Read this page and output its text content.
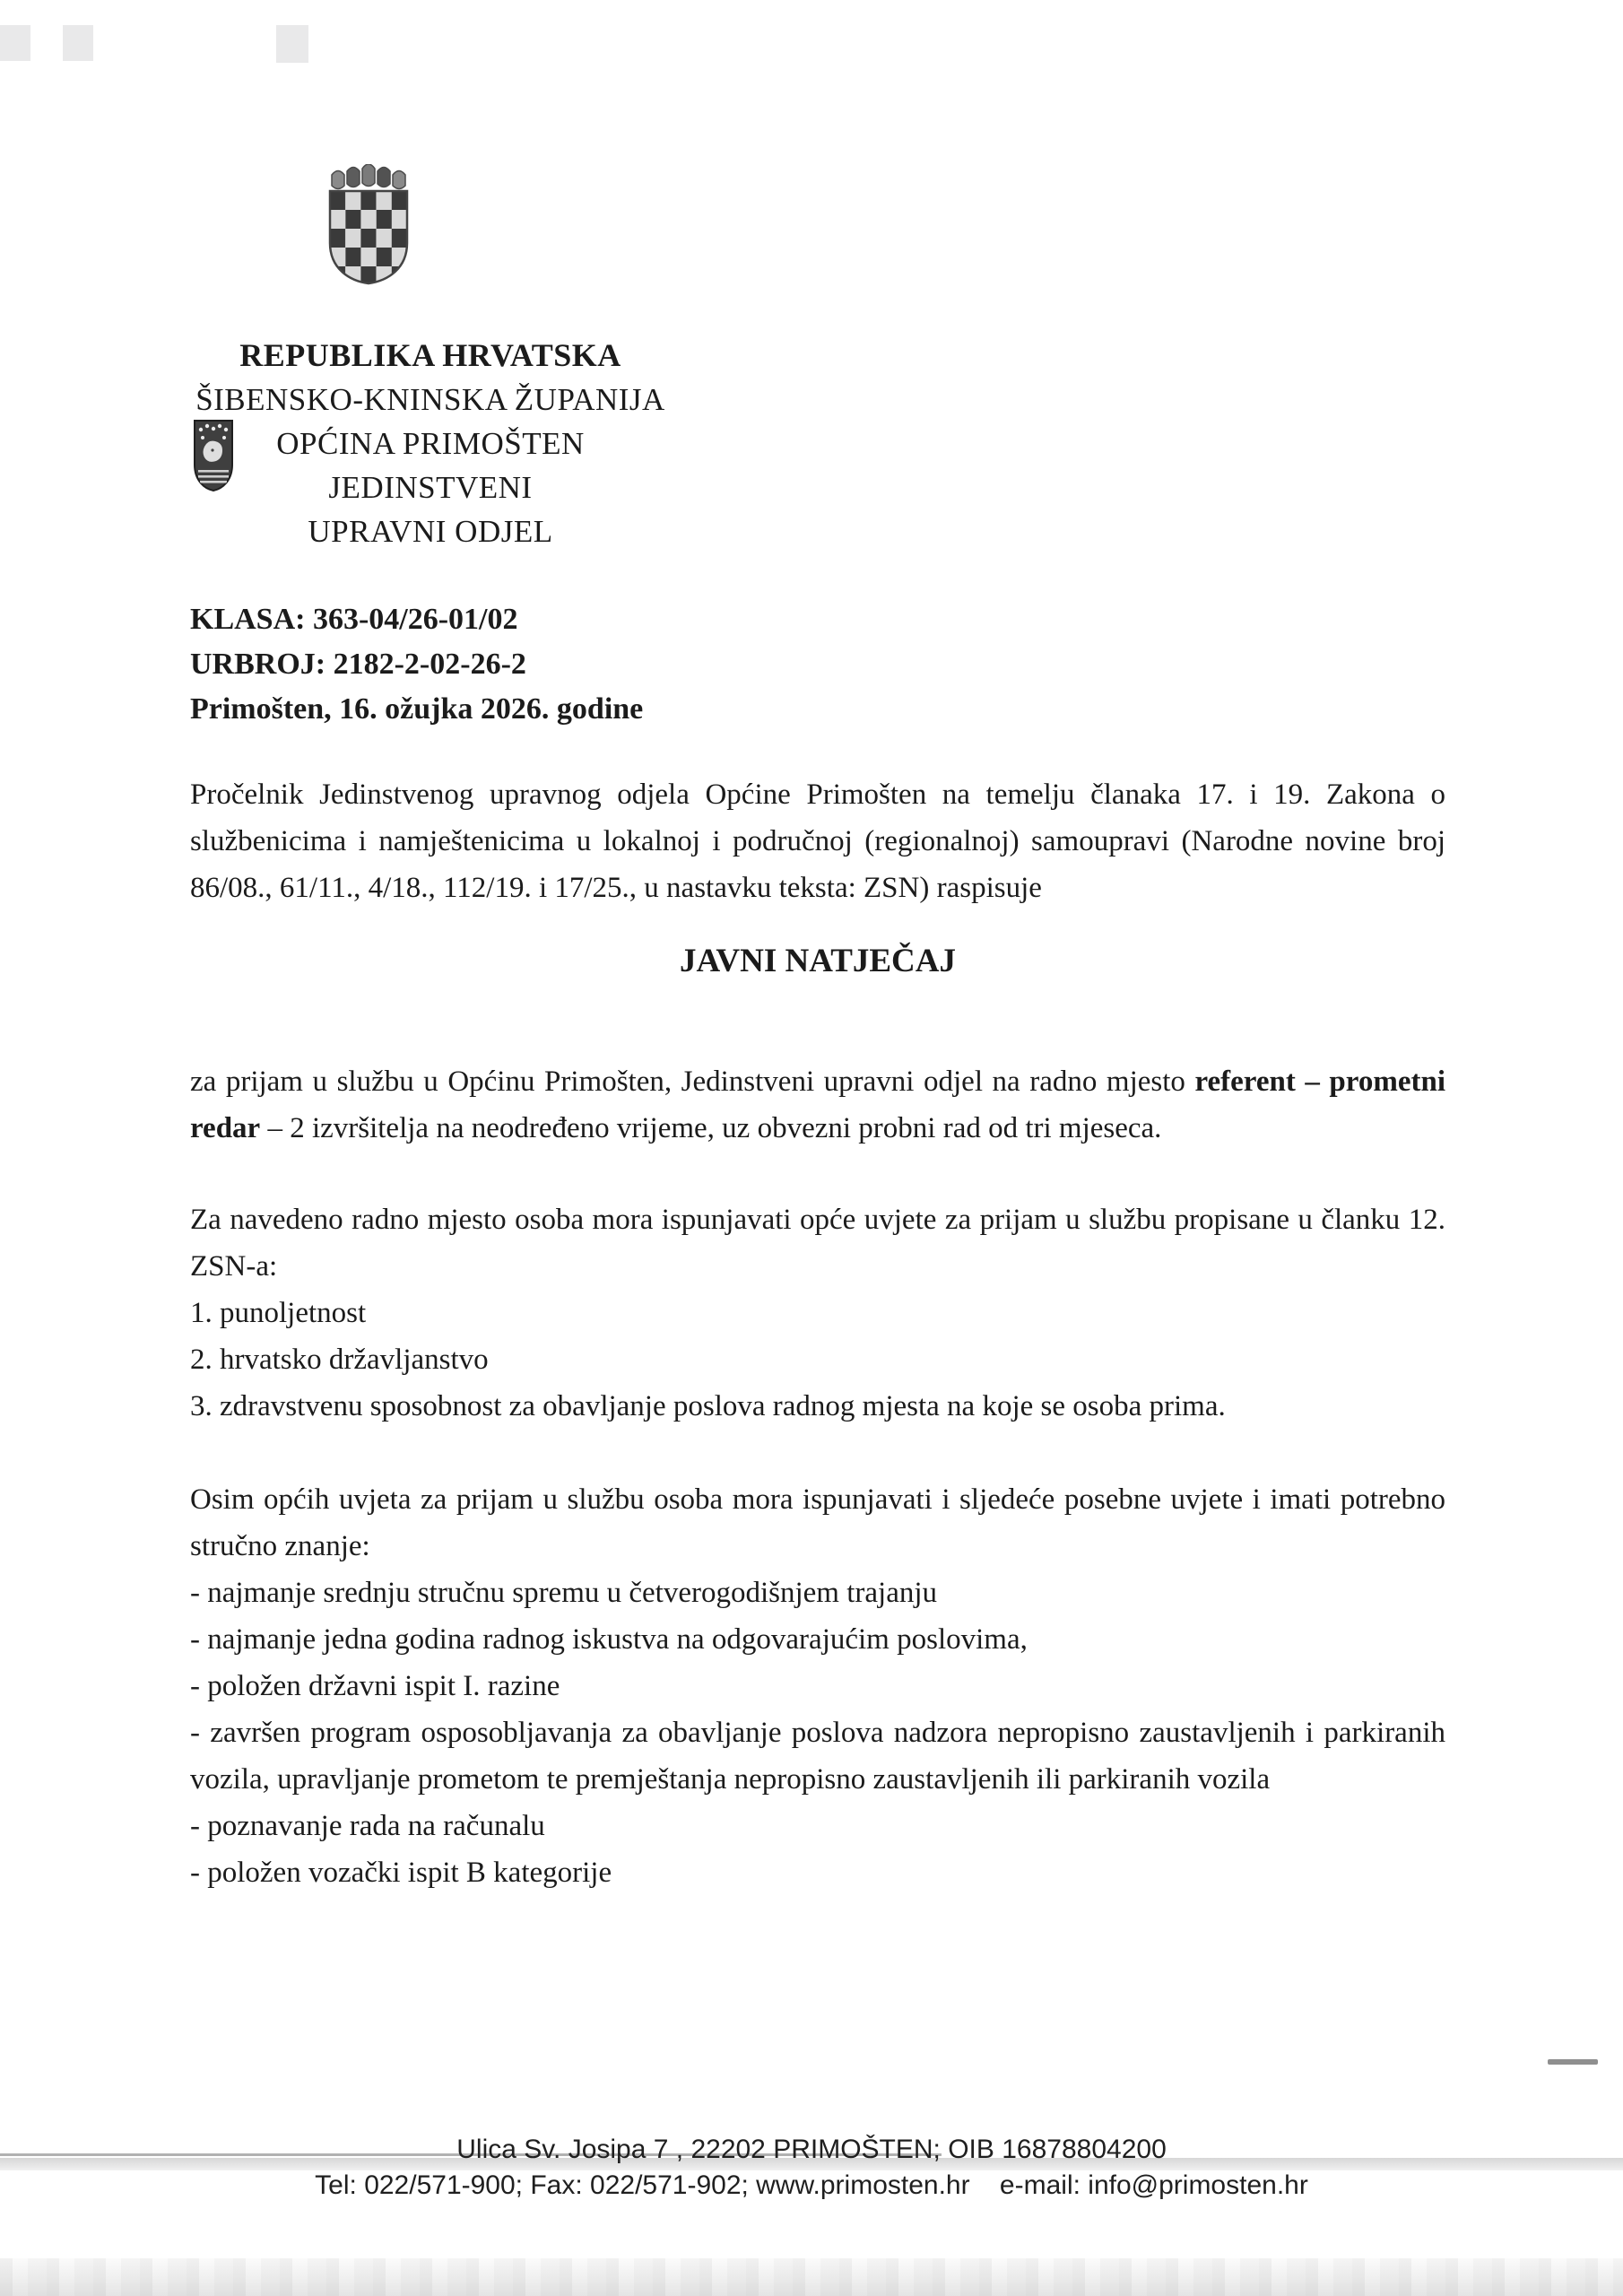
REPUBLIKA HRVATSKA
ŠIBENSKO-KNINSKA ŽUPANIJA
OPĆINA PRIMOŠTEN
JEDINSTVENI
UPRAVNI ODJEL
KLASA: 363-04/26-01/02
URBROJ: 2182-2-02-26-2
Primošten, 16. ožujka 2026. godine

Pročelnik Jedinstvenog upravnog odjela Općine Primošten na temelju članaka 17. i 19. Zakona o službenicima i namještenicima u lokalnoj i područnoj (regionalnoj) samoupravi (Narodne novine broj 86/08., 61/11., 4/18., 112/19. i 17/25., u nastavku teksta: ZSN) raspisuje

JAVNI NATJEČAJ

za prijam u službu u Općinu Primošten, Jedinstveni upravni odjel na radno mjesto referent – prometni redar – 2 izvršitelja na neodređeno vrijeme, uz obvezni probni rad od tri mjeseca.

Za navedeno radno mjesto osoba mora ispunjavati opće uvjete za prijam u službu propisane u članku 12. ZSN-a:

1. punoljetnost
2. hrvatsko državljanstvo
3. zdravstvenu sposobnost za obavljanje poslova radnog mjesta na koje se osoba prima.

Osim općih uvjeta za prijam u službu osoba mora ispunjavati i sljedeće posebne uvjete i imati potrebno stručno znanje:

- najmanje srednju stručnu spremu u četverogodišnjem trajanju
- najmanje jedna godina radnog iskustva na odgovarajućim poslovima,
- položen državni ispit I. razine
- završen program osposobljavanja za obavljanje poslova nadzora nepropisno zaustavljenih i parkiranih vozila, upravljanje prometom te premještanja nepropisno zaustavljenih ili parkiranih vozila
- poznavanje rada na računalu
- položen vozački ispit B kategorije
Ulica Sv. Josipa 7 , 22202 PRIMOŠTEN; OIB 16878804200
Tel: 022/571-900; Fax: 022/571-902; www.primosten.hr    e-mail: info@primosten.hr
